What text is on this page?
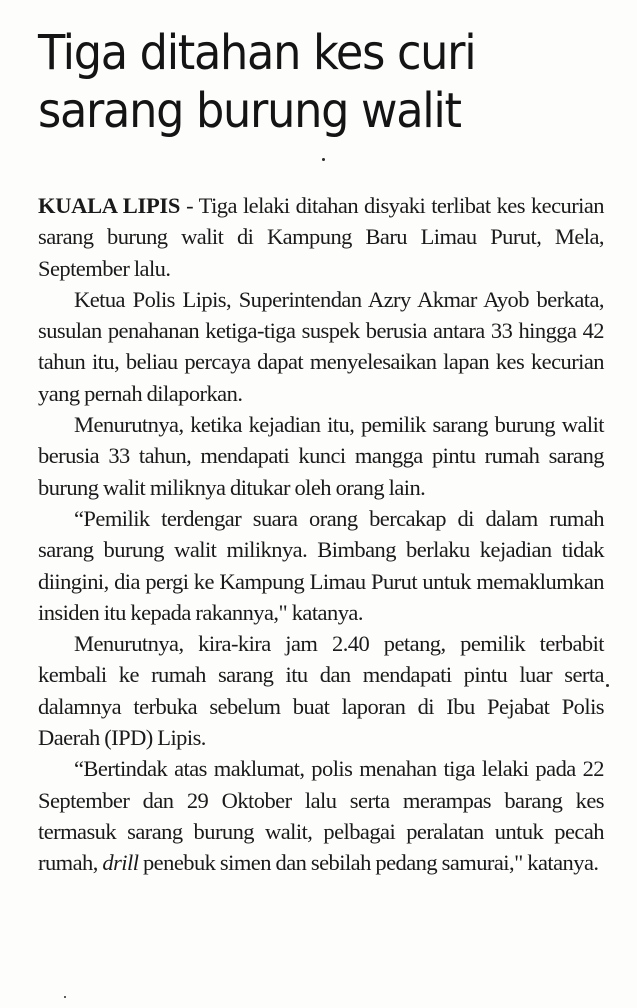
Tiga ditahan kes curi
sarang burung walit

KUALA LIPIS - Tiga lelaki ditahan disyaki terlibat kes kecurian sarang burung walit di Kampung Baru Limau Purut, Mela, September lalu.

Ketua Polis Lipis, Superintendan Azry Akmar Ayob berkata, susulan penahanan ketiga-tiga suspek berusia antara 33 hingga 42 tahun itu, beliau percaya dapat menyelesaikan lapan kes kecurian yang pernah dilaporkan.

Menurutnya, ketika kejadian itu, pemilik sarang burung walit berusia 33 tahun, mendapati kunci mangga pintu rumah sarang burung walit miliknya ditukar oleh orang lain.

“Pemilik terdengar suara orang bercakap di dalam rumah sarang burung walit miliknya. Bimbang berlaku kejadian tidak diingini, dia pergi ke Kampung Limau Purut untuk memaklumkan insiden itu kepada rakannya," katanya.

Menurutnya, kira-kira jam 2.40 petang, pemilik terbabit kembali ke rumah sarang itu dan mendapati pintu luar serta dalamnya terbuka sebelum buat laporan di Ibu Pejabat Polis Daerah (IPD) Lipis.

“Bertindak atas maklumat, polis menahan tiga lelaki pada 22 September dan 29 Oktober lalu serta merampas barang kes termasuk sarang burung walit, pelbagai peralatan untuk pecah rumah, drill penebuk simen dan sebilah pedang samurai," katanya.
